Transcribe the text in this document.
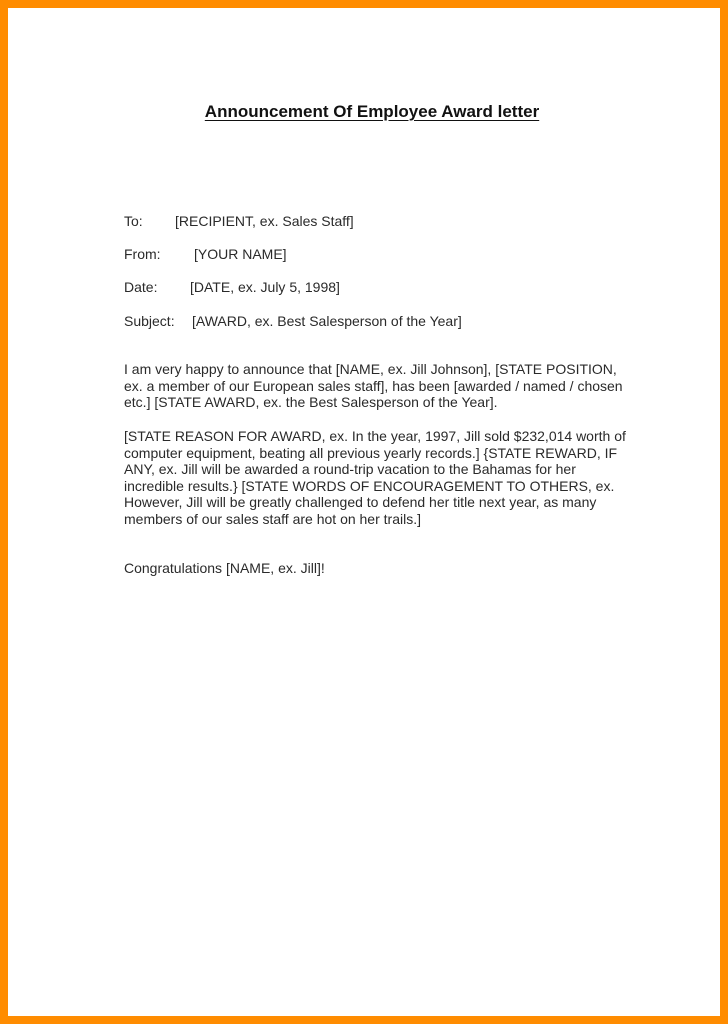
Announcement Of Employee Award letter
To: [RECIPIENT, ex. Sales Staff]
From: [YOUR NAME]
Date: [DATE, ex. July 5, 1998]
Subject: [AWARD, ex. Best Salesperson of the Year]

I am very happy to announce that [NAME, ex. Jill Johnson], [STATE POSITION, ex. a member of our European sales staff], has been [awarded / named / chosen etc.] [STATE AWARD, ex. the Best Salesperson of the Year].

[STATE REASON FOR AWARD, ex. In the year, 1997, Jill sold $232,014 worth of computer equipment, beating all previous yearly records.] {STATE REWARD, IF ANY, ex. Jill will be awarded a round-trip vacation to the Bahamas for her incredible results.} [STATE WORDS OF ENCOURAGEMENT TO OTHERS, ex. However, Jill will be greatly challenged to defend her title next year, as many members of our sales staff are hot on her trails.]

Congratulations [NAME, ex. Jill]!
